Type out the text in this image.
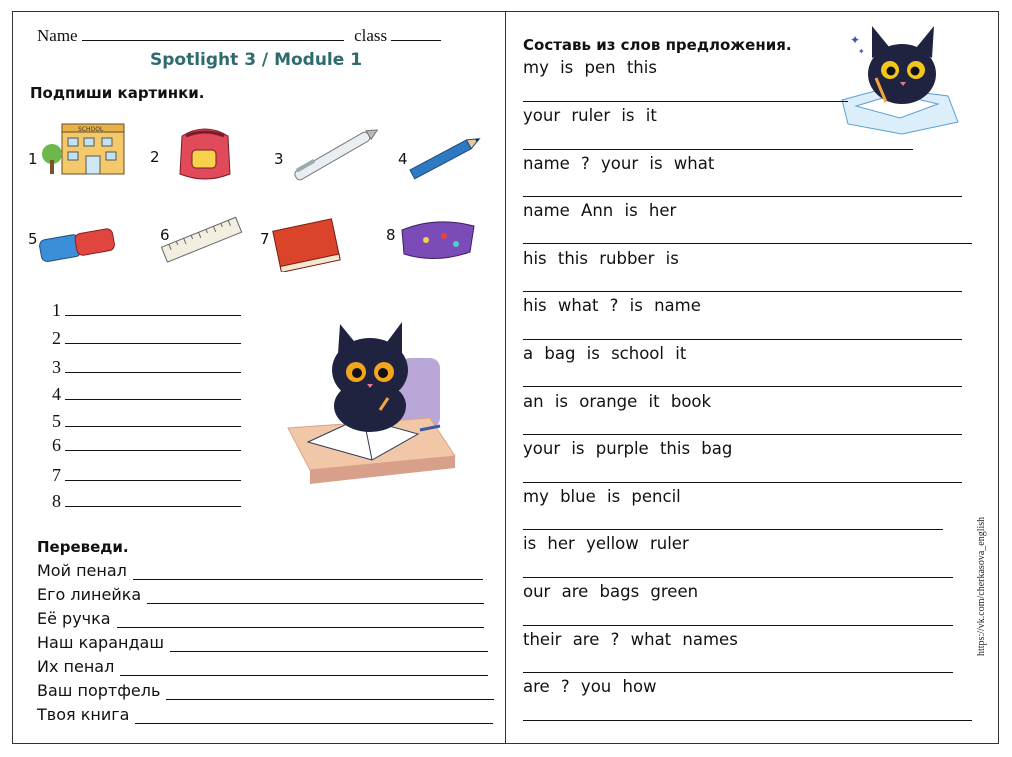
Name	class
Spotlight 3 / Module 1
Подпиши картинки.
1
SCHOOL
2	3	4
5	6	7	8
1
2
3
4
5
6
7
8
Переведи.
Мой пенал
Его линейка
Её ручка
Наш карандаш
Их пенал
Ваш портфель
Твоя книга
Составь из слов предложения.	✦
✦
my is pen this
your ruler is it
name ? your is what
name Ann is her
his this rubber is
his what ? is name
a bag is school it
an is orange it book
your is purple this bag
my blue is pencil
is her yellow ruler
our are bags green
their are ? what names
are ? you how
https://vk.com/cherkasova_english
